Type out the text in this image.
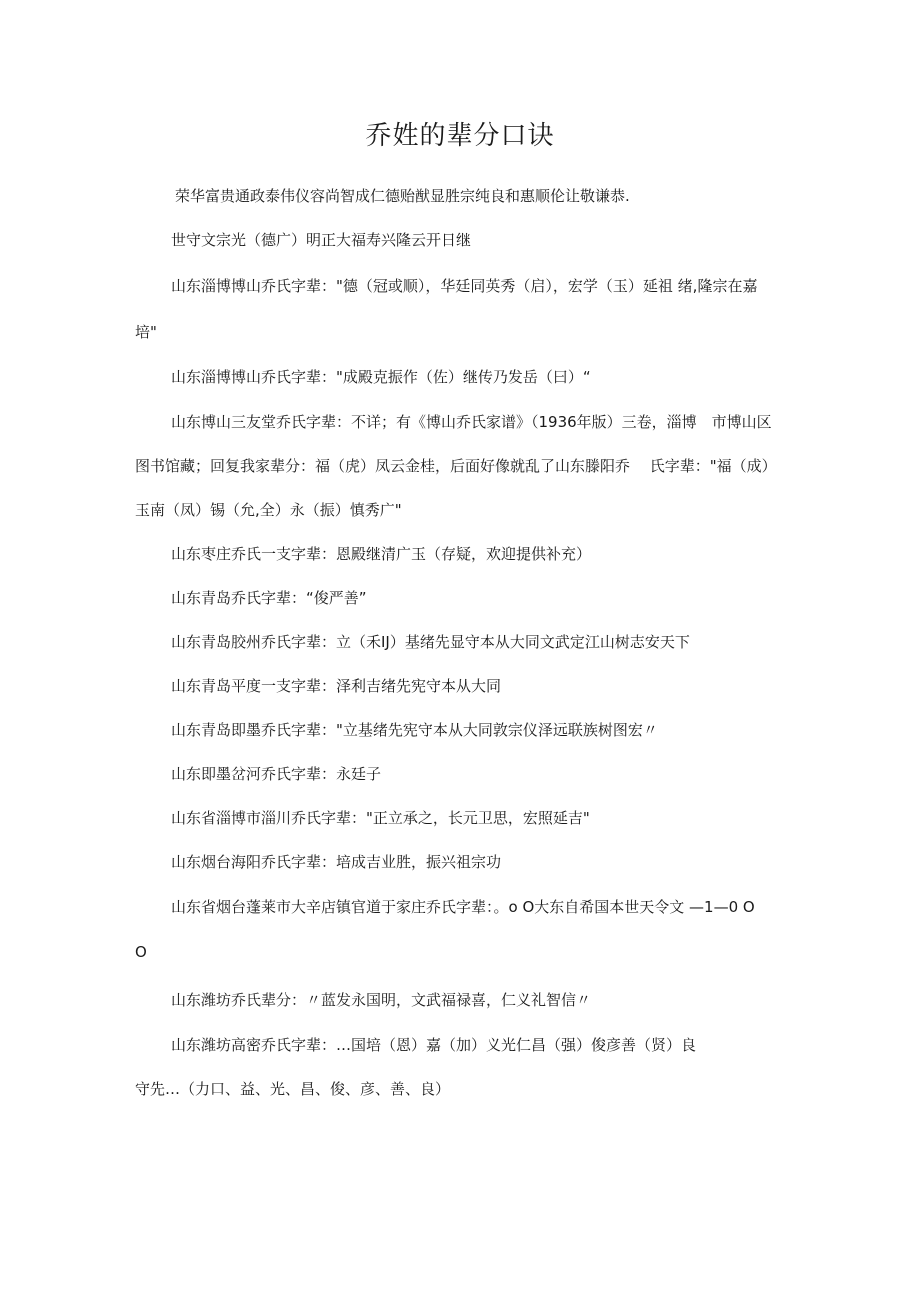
乔姓的辈分口诀

荣华富贵通政泰伟仪容尚智成仁德贻猷显胜宗纯良和惠顺伦让敬谦恭.

世守文宗光（德广）明正大福寿兴隆云开日继

山东淄博博山乔氏字辈："德（冠或顺），华廷同英秀（启），宏学（玉）延祖 绪,隆宗在嘉

培"

山东淄博博山乔氏字辈："成殿克振作（佐）继传乃发岳（曰）“

山东博山三友堂乔氏字辈：不详；有《博山乔氏家谱》（1936年版）三卷，淄博　市博山区

图书馆藏；回复我家辈分：福（虎）凤云金桂，后面好像就乱了山东滕阳乔　 氏字辈："福（成）

玉南（凤）锡（允,全）永（振）慎秀广"

山东枣庄乔氏一支字辈：恩殿继清广玉（存疑，欢迎提供补充）

山东青岛乔氏字辈：“俊严善”

山东青岛胶州乔氏字辈：立（禾IJ）基绪先显守本从大同文武定江山树志安天下

山东青岛平度一支字辈：泽利吉绪先宪守本从大同

山东青岛即墨乔氏字辈："立基绪先宪守本从大同敦宗仪泽远联族树图宏〃

山东即墨岔河乔氏字辈：永廷子

山东省淄博市淄川乔氏字辈："正立承之，长元卫思，宏照延吉"

山东烟台海阳乔氏字辈：培成吉业胜，振兴祖宗功

山东省烟台蓬莱市大辛店镇官道于家庄乔氏字辈：。o O大东自希国本世天令文 —1—0 O

O

山东潍坊乔氏辈分：〃蓝发永国明，文武福禄喜，仁义礼智信〃

山东潍坊高密乔氏字辈：…国培（恩）嘉（加）义光仁昌（强）俊彦善（贤）良

守先…（力口、益、光、昌、俊、彦、善、良）
